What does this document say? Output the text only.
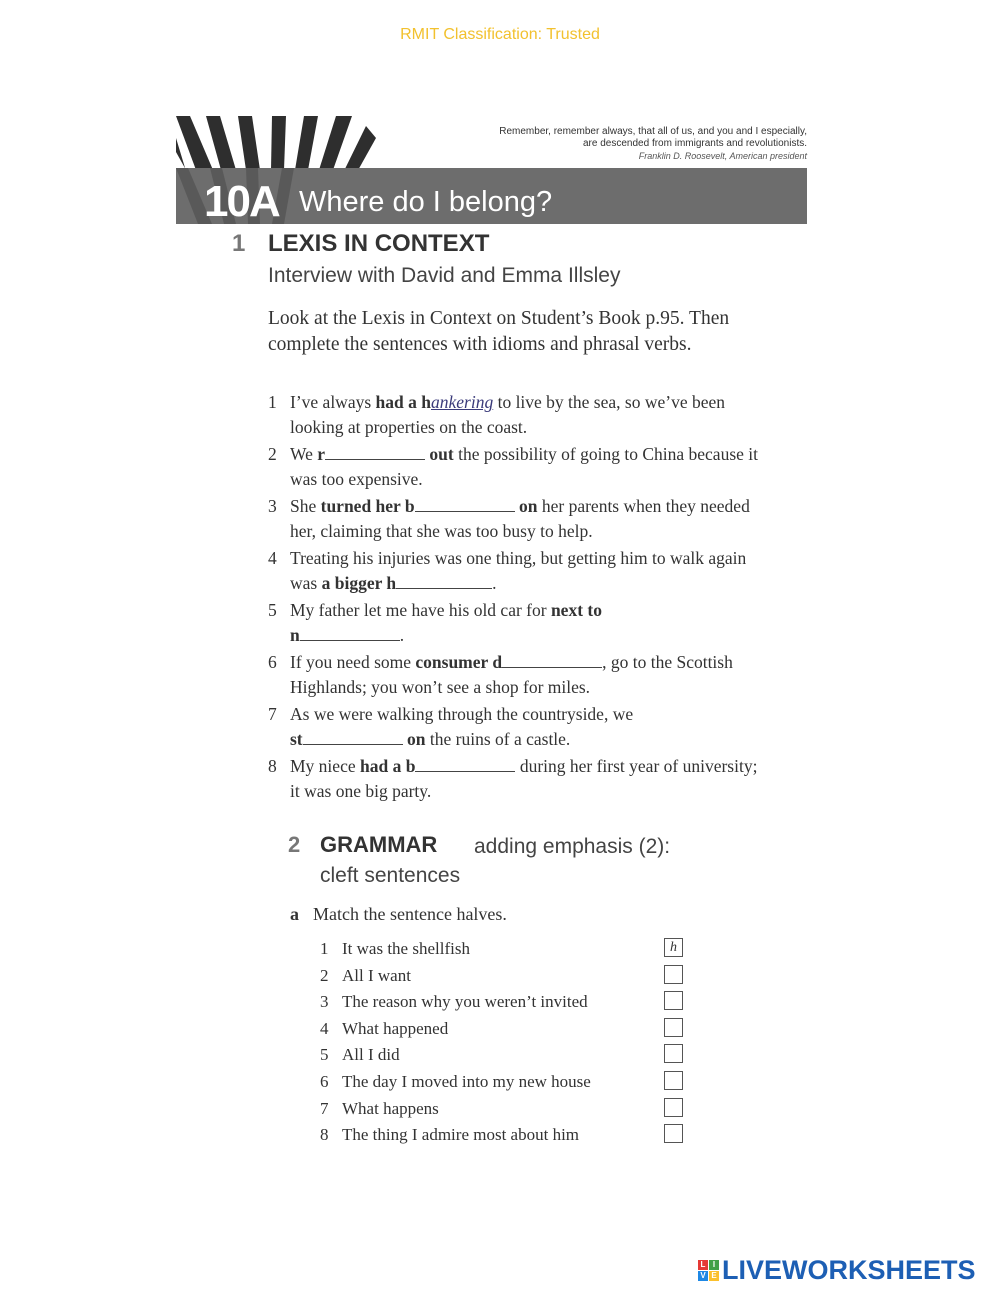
RMIT Classification: Trusted
Remember, remember always, that all of us, and you and I especially,
are descended from immigrants and revolutionists.
Franklin D. Roosevelt, American president
10A Where do I belong?
1 LEXIS IN CONTEXT
Interview with David and Emma Illsley
Look at the Lexis in Context on Student’s Book p.95. Then complete the sentences with idioms and phrasal verbs.
1 I’ve always had a hankering to live by the sea, so we’ve been looking at properties on the coast.
2 We r	out the possibility of going to China because it was too expensive.
3 She turned her b	on her parents when they needed her, claiming that she was too busy to help.
4 Treating his injuries was one thing, but getting him to walk again was a bigger h	.
5 My father let me have his old car for next to
n	.
6 If you need some consumer d	, go to the Scottish Highlands; you won’t see a shop for miles.
7 As we were walking through the countryside, we
st	on the ruins of a castle.
8 My niece had a b	during her first year of university; it was one big party.
2 GRAMMAR adding emphasis (2):
cleft sentences
a Match the sentence halves.
1 It was the shellfish	h
2 All I want
3 The reason why you weren’t invited
4 What happened
5 All I did
6 The day I moved into my new house
7 What happens
8 The thing I admire most about him
L I
V E LIVEWORKSHEETS
